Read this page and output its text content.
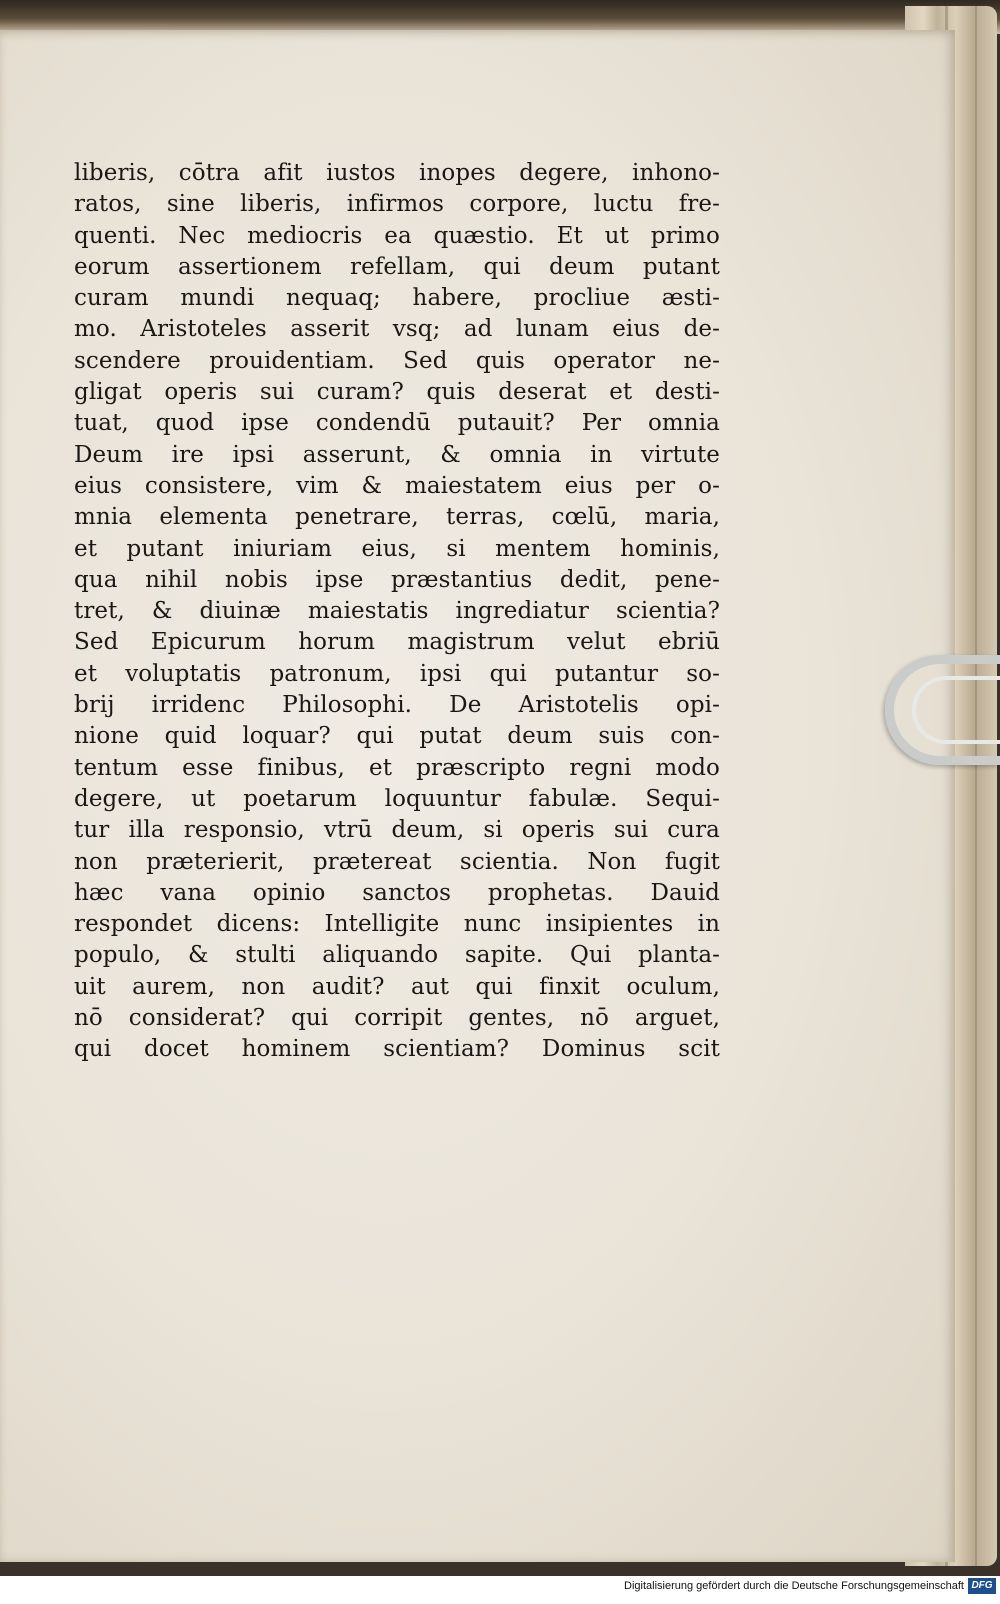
liberis, cōtra afit iustos inopes degere, inhono-
ratos, sine liberis, infirmos corpore, luctu fre-
quenti. Nec mediocris ea quæstio. Et ut primo
eorum assertionem refellam, qui deum putant
curam mundi nequaq; habere, procliue æsti-
mo. Aristoteles asserit vsq; ad lunam eius de-
scendere prouidentiam. Sed quis operator ne-
gligat operis sui curam? quis deserat et desti-
tuat, quod ipse condendū putauit? Per omnia
Deum ire ipsi asserunt, & omnia in virtute
eius consistere, vim & maiestatem eius per o-
mnia elementa penetrare, terras, cœlū, maria,
et putant iniuriam eius, si mentem hominis,
qua nihil nobis ipse præstantius dedit, pene-
tret, & diuinæ maiestatis ingrediatur scientia?
Sed Epicurum horum magistrum velut ebriū
et voluptatis patronum, ipsi qui putantur so-
brij irridenc Philosophi. De Aristotelis opi-
nione quid loquar? qui putat deum suis con-
tentum esse finibus, et præscripto regni modo
degere, ut poetarum loquuntur fabulæ. Sequi-
tur illa responsio, vtrū deum, si operis sui cura
non præterierit, prætereat scientia. Non fugit
hæc vana opinio sanctos prophetas. Dauid
respondet dicens: Intelligite nunc insipientes in
populo, & stulti aliquando sapite. Qui planta-
uit aurem, non audit? aut qui finxit oculum,
nō considerat? qui corripit gentes, nō arguet,
qui docet hominem scientiam? Dominus scit
Digitalisierung gefördert durch die Deutsche Forschungsgemeinschaft DFG
